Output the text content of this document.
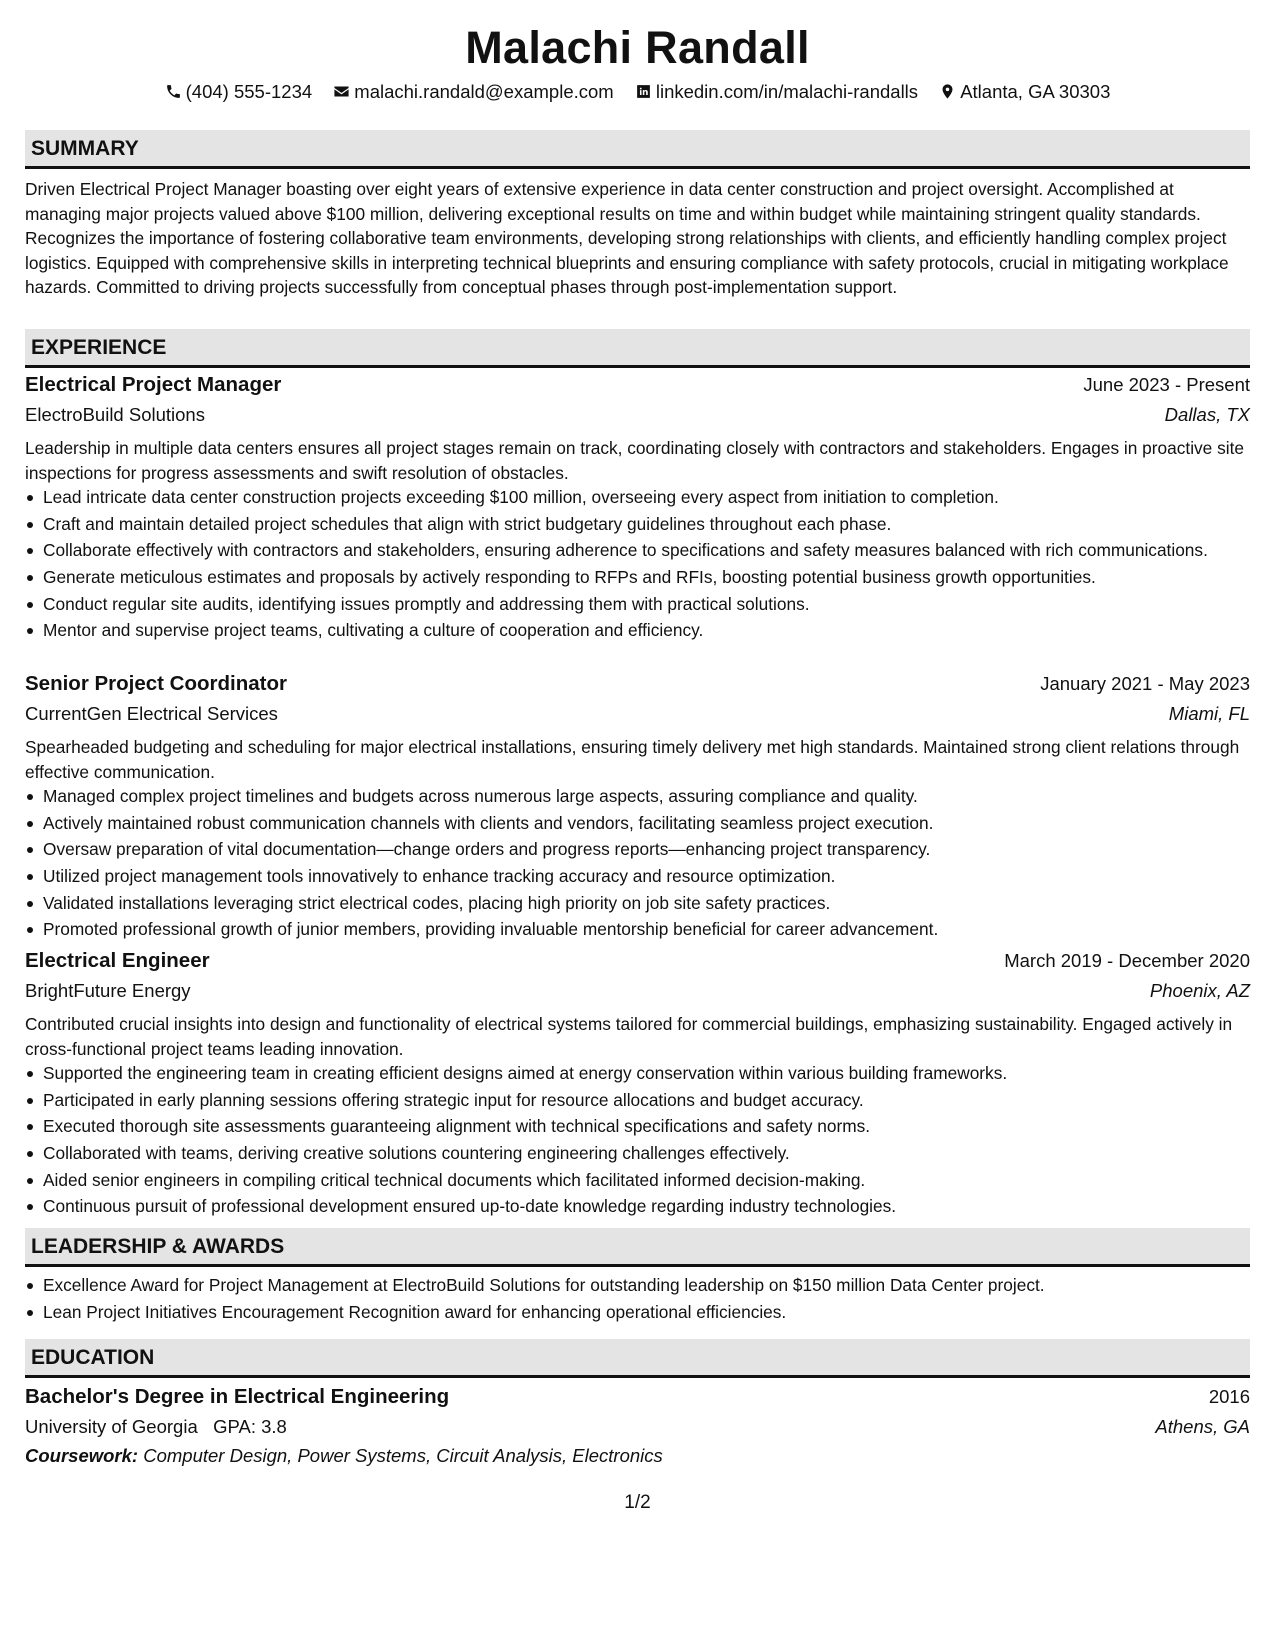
Malachi Randall
(404) 555-1234 malachi.randald@example.com linkedin.com/in/malachi-randalls Atlanta, GA 30303
SUMMARY
Driven Electrical Project Manager boasting over eight years of extensive experience in data center construction and project oversight. Accomplished at managing major projects valued above $100 million, delivering exceptional results on time and within budget while maintaining stringent quality standards. Recognizes the importance of fostering collaborative team environments, developing strong relationships with clients, and efficiently handling complex project logistics. Equipped with comprehensive skills in interpreting technical blueprints and ensuring compliance with safety protocols, crucial in mitigating workplace hazards. Committed to driving projects successfully from conceptual phases through post-implementation support.
EXPERIENCE
Electrical Project Manager	June 2023 - Present
ElectroBuild Solutions	Dallas, TX
Leadership in multiple data centers ensures all project stages remain on track, coordinating closely with contractors and stakeholders. Engages in proactive site inspections for progress assessments and swift resolution of obstacles.
Lead intricate data center construction projects exceeding $100 million, overseeing every aspect from initiation to completion.
Craft and maintain detailed project schedules that align with strict budgetary guidelines throughout each phase.
Collaborate effectively with contractors and stakeholders, ensuring adherence to specifications and safety measures balanced with rich communications.
Generate meticulous estimates and proposals by actively responding to RFPs and RFIs, boosting potential business growth opportunities.
Conduct regular site audits, identifying issues promptly and addressing them with practical solutions.
Mentor and supervise project teams, cultivating a culture of cooperation and efficiency.
Senior Project Coordinator	January 2021 - May 2023
CurrentGen Electrical Services	Miami, FL
Spearheaded budgeting and scheduling for major electrical installations, ensuring timely delivery met high standards. Maintained strong client relations through effective communication.
Managed complex project timelines and budgets across numerous large aspects, assuring compliance and quality.
Actively maintained robust communication channels with clients and vendors, facilitating seamless project execution.
Oversaw preparation of vital documentation—change orders and progress reports—enhancing project transparency.
Utilized project management tools innovatively to enhance tracking accuracy and resource optimization.
Validated installations leveraging strict electrical codes, placing high priority on job site safety practices.
Promoted professional growth of junior members, providing invaluable mentorship beneficial for career advancement.
Electrical Engineer	March 2019 - December 2020
BrightFuture Energy	Phoenix, AZ
Contributed crucial insights into design and functionality of electrical systems tailored for commercial buildings, emphasizing sustainability. Engaged actively in cross-functional project teams leading innovation.
Supported the engineering team in creating efficient designs aimed at energy conservation within various building frameworks.
Participated in early planning sessions offering strategic input for resource allocations and budget accuracy.
Executed thorough site assessments guaranteeing alignment with technical specifications and safety norms.
Collaborated with teams, deriving creative solutions countering engineering challenges effectively.
Aided senior engineers in compiling critical technical documents which facilitated informed decision-making.
Continuous pursuit of professional development ensured up-to-date knowledge regarding industry technologies.
LEADERSHIP & AWARDS
Excellence Award for Project Management at ElectroBuild Solutions for outstanding leadership on $150 million Data Center project.
Lean Project Initiatives Encouragement Recognition award for enhancing operational efficiencies.
EDUCATION
Bachelor's Degree in Electrical Engineering	2016
University of Georgia GPA: 3.8	Athens, GA
Coursework: Computer Design, Power Systems, Circuit Analysis, Electronics
1/2
